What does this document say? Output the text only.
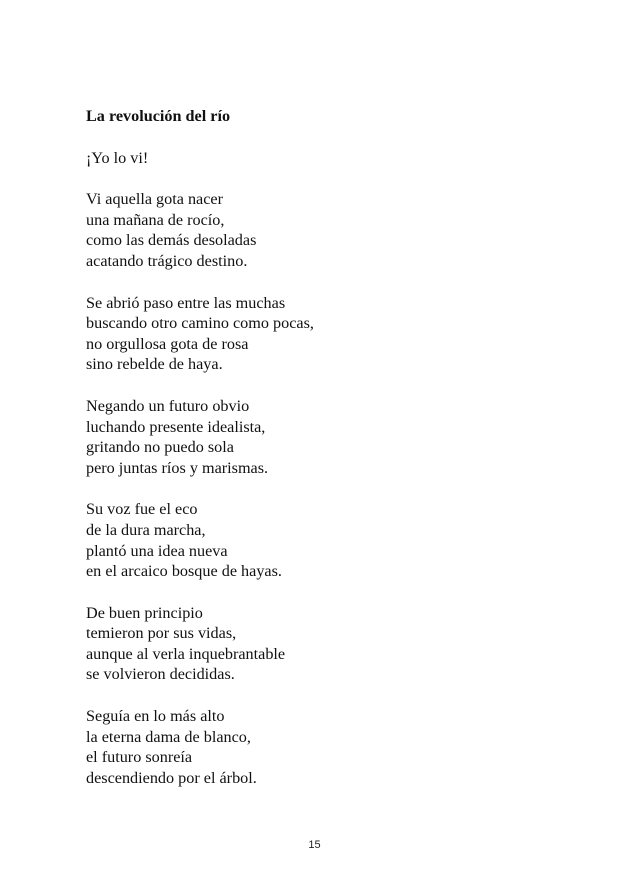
La revolución del río
¡Yo lo vi!
Vi aquella gota nacer
una mañana de rocío,
como las demás desoladas
acatando trágico destino.
Se abrió paso entre las muchas
buscando otro camino como pocas,
no orgullosa gota de rosa
sino rebelde de haya.
Negando un futuro obvio
luchando presente idealista,
gritando no puedo sola
pero juntas ríos y marismas.
Su voz fue el eco
de la dura marcha,
plantó una idea nueva
en el arcaico bosque de hayas.
De buen principio
temieron por sus vidas,
aunque al verla inquebrantable
se volvieron decididas.
Seguía en lo más alto
la eterna dama de blanco,
el futuro sonreía
descendiendo por el árbol.
15
